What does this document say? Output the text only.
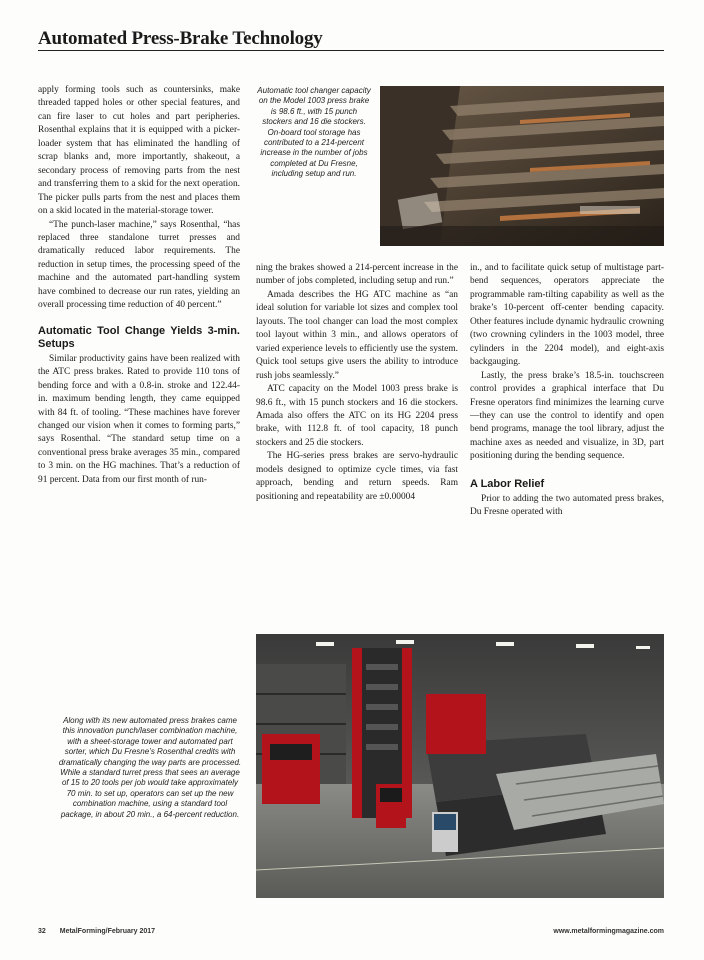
Automated Press-Brake Technology

apply forming tools such as countersinks, make threaded tapped holes or other special features, and can fire laser to cut holes and part peripheries. Rosenthal explains that it is equipped with a picker-loader system that has eliminated the handling of scrap blanks and, more importantly, shakeout, a secondary process of removing parts from the nest and transferring them to a skid for the next operation. The picker pulls parts from the nest and places them on a skid located in the material-storage tower.

“The punch-laser machine,” says Rosenthal, “has replaced three standalone turret presses and dramatically reduced labor requirements. The reduction in setup times, the processing speed of the machine and the automated part-handling system have combined to decrease our run rates, yielding an overall processing time reduction of 40 percent.”

Automatic Tool Change Yields 3-min. Setups

Similar productivity gains have been realized with the ATC press brakes. Rated to provide 110 tons of bending force and with a 0.8-in. stroke and 122.44-in. maximum bending length, they came equipped with 84 ft. of tooling. “These machines have forever changed our vision when it comes to forming parts,” says Rosenthal. “The standard setup time on a conventional press brake averages 35 min., compared to 3 min. on the HG machines. That’s a reduction of 91 percent. Data from our first month of run-

Automatic tool changer capacity on the Model 1003 press brake is 98.6 ft., with 15 punch stockers and 16 die stockers. On-board tool storage has contributed to a 214-percent increase in the number of jobs completed at Du Fresne, including setup and run.

ning the brakes showed a 214-percent increase in the number of jobs completed, including setup and run.”

Amada describes the HG ATC machine as “an ideal solution for variable lot sizes and complex tool layouts. The tool changer can load the most complex tool layout within 3 min., and allows operators of varied experience levels to efficiently use the system. Quick tool setups give users the ability to introduce rush jobs seamlessly.”

ATC capacity on the Model 1003 press brake is 98.6 ft., with 15 punch stockers and 16 die stockers. Amada also offers the ATC on its HG 2204 press brake, with 112.8 ft. of tool capacity, 18 punch stockers and 25 die stockers.

The HG-series press brakes are servo-hydraulic models designed to optimize cycle times, via fast approach, bending and return speeds. Ram positioning and repeatability are ±0.00004

in., and to facilitate quick setup of multistage part-bend sequences, operators appreciate the programmable ram-tilting capability as well as the brake’s 10-percent off-center bending capacity. Other features include dynamic hydraulic crowning (two crowning cylinders in the 1003 model, three cylinders in the 2204 model), and eight-axis backgauging.

Lastly, the press brake’s 18.5-in. touchscreen control provides a graphical interface that Du Fresne operators find minimizes the learning curve—they can use the control to identify and open bend programs, manage the tool library, adjust the machine axes as needed and visualize, in 3D, part positioning during the bending sequence.

A Labor Relief

Prior to adding the two automated press brakes, Du Fresne operated with

Along with its new automated press brakes came this innovation punch/laser combination machine, with a sheet-storage tower and automated part sorter, which Du Fresne’s Rosenthal credits with dramatically changing the way parts are processed. While a standard turret press that sees an average of 15 to 20 tools per job would take approximately 70 min. to set up, operators can set up the new combination machine, using a standard tool package, in about 20 min., a 64-percent reduction.
32 MetalForming/February 2017	www.metalformingmagazine.com
